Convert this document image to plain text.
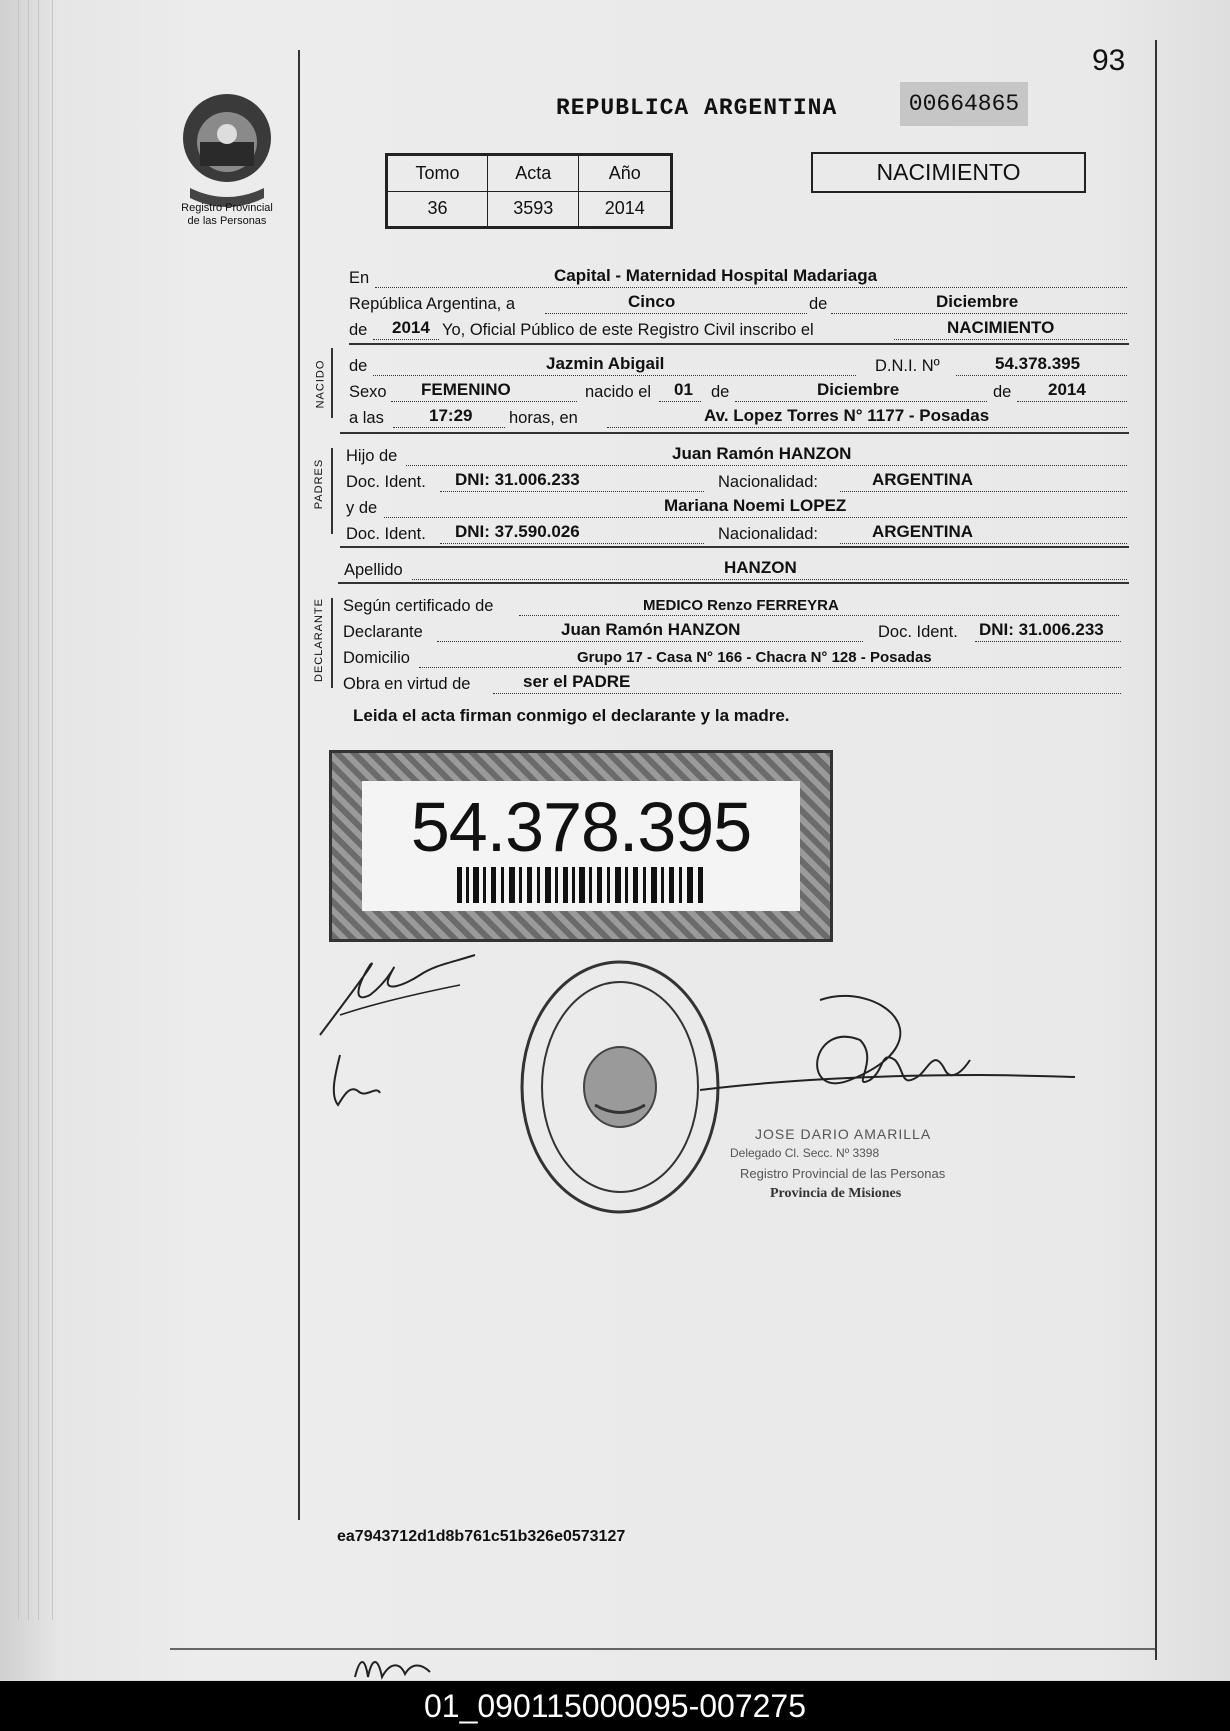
93
Registro Provincial
de las Personas
REPUBLICA ARGENTINA	00664865
Tomo	Acta	Año
36	3593	2014
NACIMIENTO
NACIDO
PADRES
DECLARANTE
En	Capital - Maternidad Hospital Madariaga
República Argentina, a	Cinco	de	Diciembre
de 2014 Yo, Oficial Público de este Registro Civil inscribo el	NACIMIENTO
de	Jazmin Abigail	D.N.I. Nº	54.378.395
Sexo FEMENINO	nacido el 01 de	Diciembre	de 2014
a las	17:29 horas, en	Av. Lopez Torres N° 1177 - Posadas
Hijo de	Juan Ramón HANZON
Doc. Ident. DNI: 31.006.233	Nacionalidad:	ARGENTINA
y de	Mariana Noemi LOPEZ
Doc. Ident. DNI: 37.590.026	Nacionalidad:	ARGENTINA
Apellido	HANZON
Según certificado de	MEDICO Renzo FERREYRA
Declarante	Juan Ramón HANZON	Doc. Ident. DNI: 31.006.233
Domicilio	Grupo 17 - Casa N° 166 - Chacra N° 128 - Posadas
Obra en virtud de	ser el PADRE
Leida el acta firman conmigo el declarante y la madre.
54.378.395
JOSE DARIO AMARILLA
Delegado Cl. Secc. Nº 3398
Registro Provincial de las Personas
Provincia de Misiones
ea7943712d1d8b761c51b326e0573127
01_090115000095-007275
